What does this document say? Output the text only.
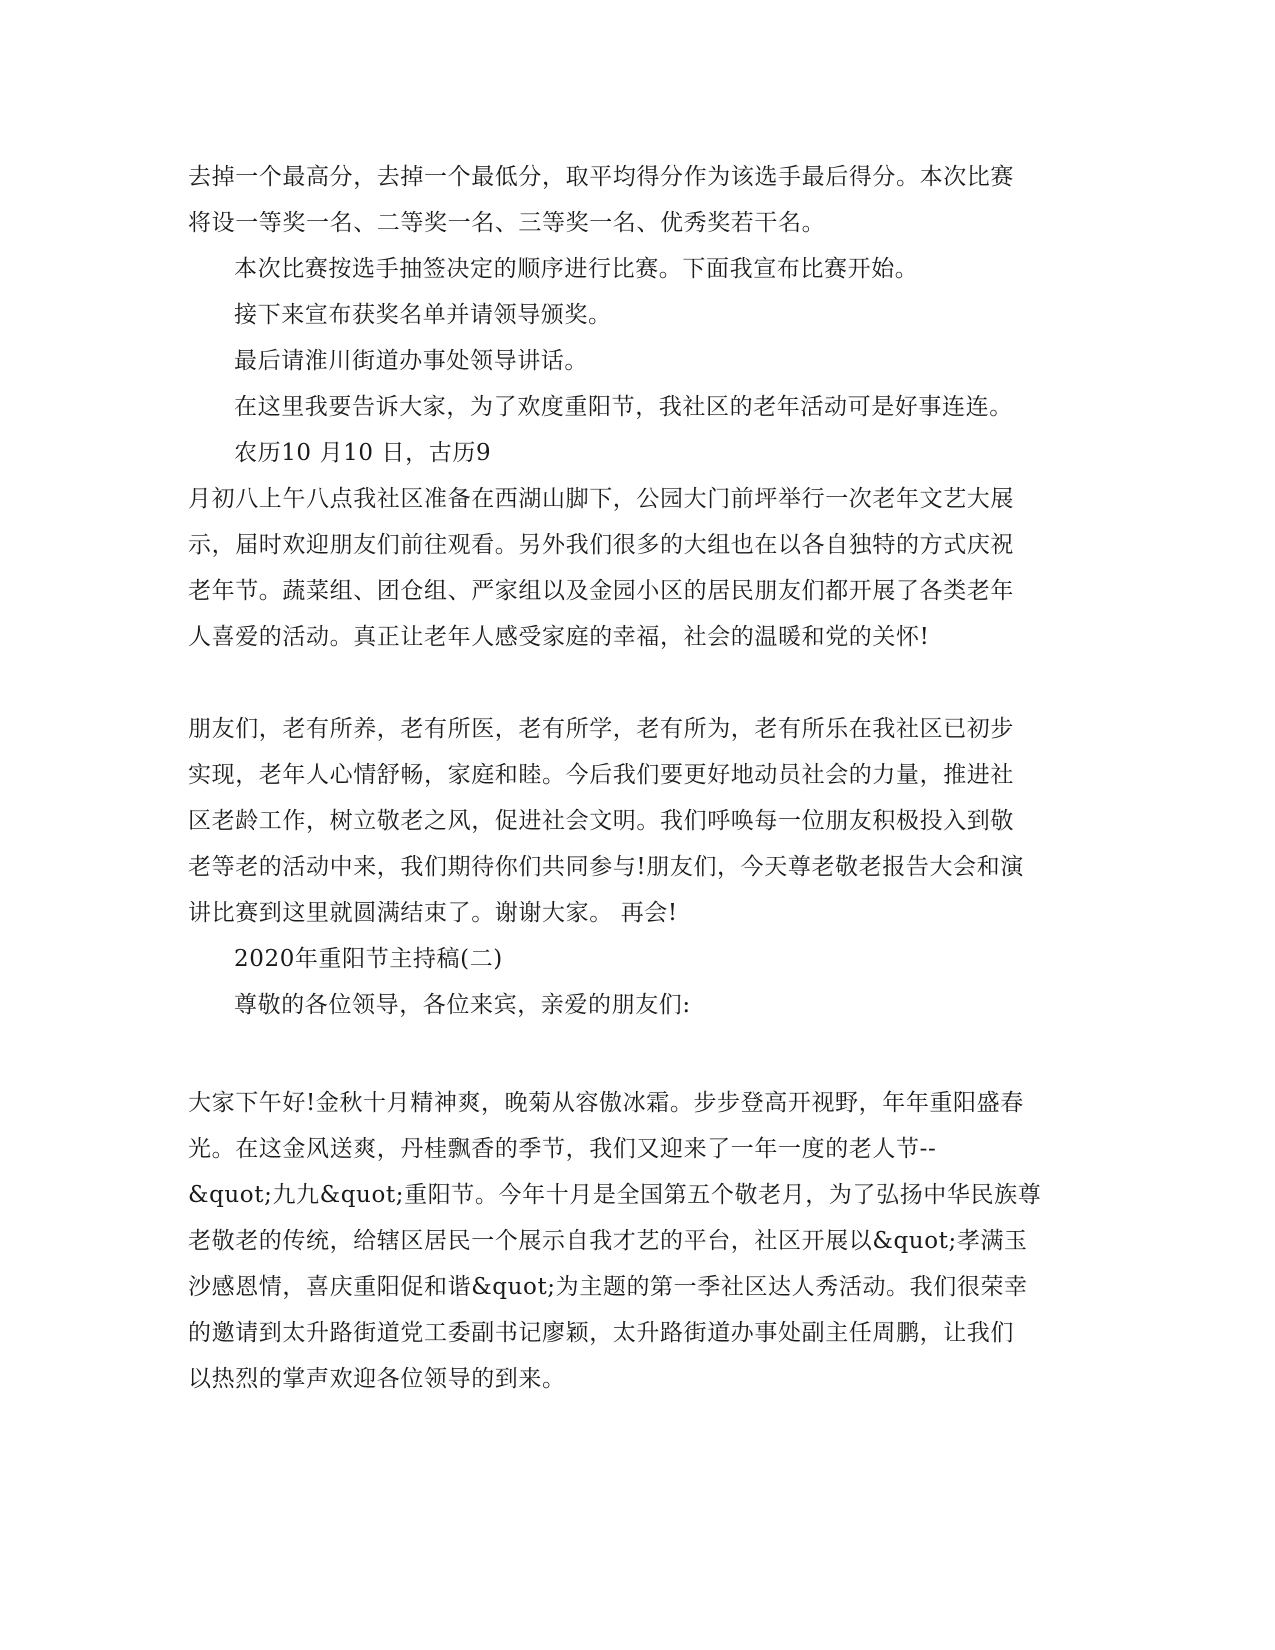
去掉一个最高分，去掉一个最低分，取平均得分作为该选手最后得分。本次比赛
将设一等奖一名、二等奖一名、三等奖一名、优秀奖若干名。
本次比赛按选手抽签决定的顺序进行比赛。下面我宣布比赛开始。
接下来宣布获奖名单并请领导颁奖。
最后请淮川街道办事处领导讲话。
在这里我要告诉大家，为了欢度重阳节，我社区的老年活动可是好事连连。
农历10 月10 日，古历9
月初八上午八点我社区准备在西湖山脚下，公园大门前坪举行一次老年文艺大展
示，届时欢迎朋友们前往观看。另外我们很多的大组也在以各自独特的方式庆祝
老年节。蔬菜组、团仓组、严家组以及金园小区的居民朋友们都开展了各类老年
人喜爱的活动。真正让老年人感受家庭的幸福，社会的温暖和党的关怀!
朋友们，老有所养，老有所医，老有所学，老有所为，老有所乐在我社区已初步
实现，老年人心情舒畅，家庭和睦。今后我们要更好地动员社会的力量，推进社
区老龄工作，树立敬老之风，促进社会文明。我们呼唤每一位朋友积极投入到敬
老等老的活动中来，我们期待你们共同参与!朋友们，今天尊老敬老报告大会和演
讲比赛到这里就圆满结束了。谢谢大家。 再会!
2020年重阳节主持稿(二)
尊敬的各位领导，各位来宾，亲爱的朋友们:
大家下午好!金秋十月精神爽，晚菊从容傲冰霜。步步登高开视野，年年重阳盛春
光。在这金风送爽，丹桂飘香的季节，我们又迎来了一年一度的老人节--
&quot;九九&quot;重阳节。今年十月是全国第五个敬老月，为了弘扬中华民族尊
老敬老的传统，给辖区居民一个展示自我才艺的平台，社区开展以&quot;孝满玉
沙感恩情，喜庆重阳促和谐&quot;为主题的第一季社区达人秀活动。我们很荣幸
的邀请到太升路街道党工委副书记廖颖，太升路街道办事处副主任周鹏，让我们
以热烈的掌声欢迎各位领导的到来。
